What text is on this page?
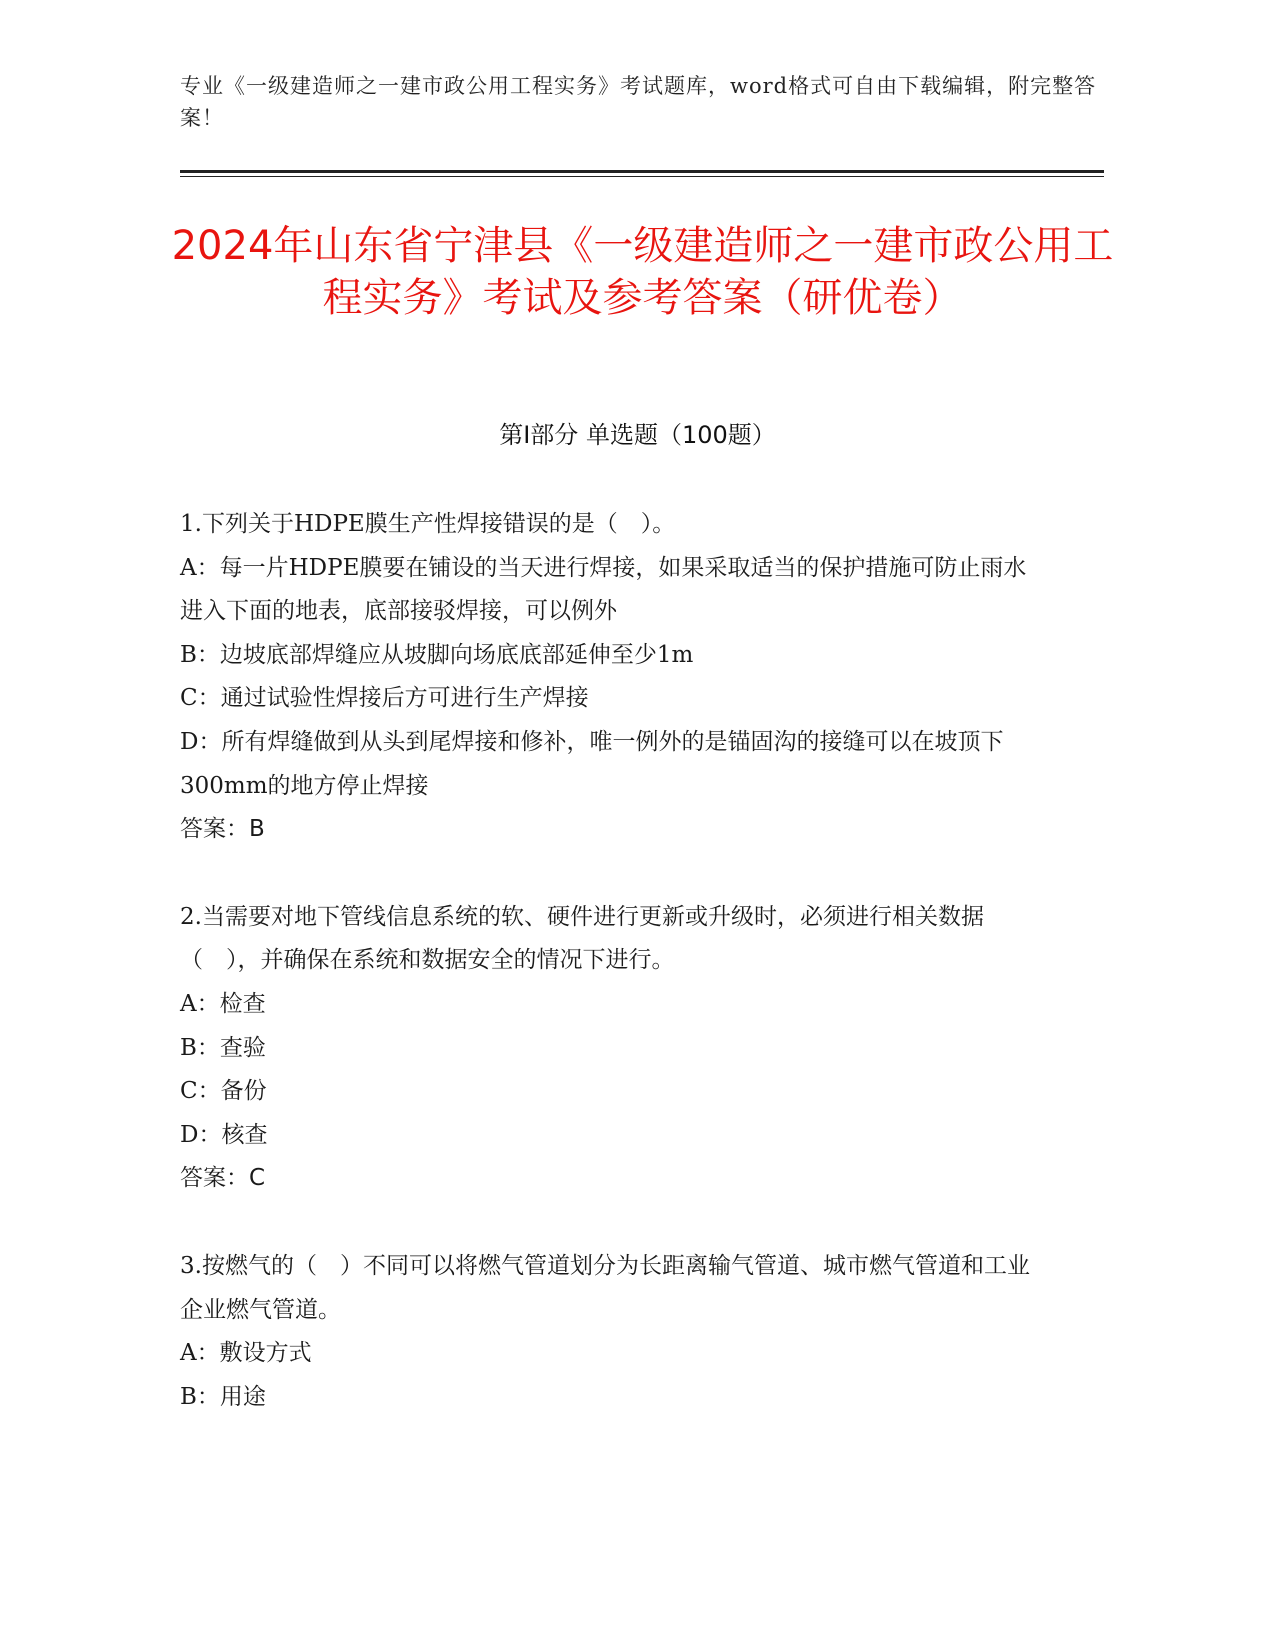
专业《一级建造师之一建市政公用工程实务》考试题库，word格式可自由下载编辑，附完整答案！
2024年山东省宁津县《一级建造师之一建市政公用工程实务》考试及参考答案（研优卷）
第Ⅰ部分 单选题（100题）

1.下列关于HDPE膜生产性焊接错误的是（　）。

A：每一片HDPE膜要在铺设的当天进行焊接，如果采取适当的保护措施可防止雨水进入下面的地表，底部接驳焊接，可以例外

B：边坡底部焊缝应从坡脚向场底底部延伸至少1m

C：通过试验性焊接后方可进行生产焊接

D：所有焊缝做到从头到尾焊接和修补，唯一例外的是锚固沟的接缝可以在坡顶下300mm的地方停止焊接

答案：B

2.当需要对地下管线信息系统的软、硬件进行更新或升级时，必须进行相关数据（　），并确保在系统和数据安全的情况下进行。

A：检查

B：查验

C：备份

D：核查

答案：C

3.按燃气的（　）不同可以将燃气管道划分为长距离输气管道、城市燃气管道和工业企业燃气管道。

A：敷设方式

B：用途
